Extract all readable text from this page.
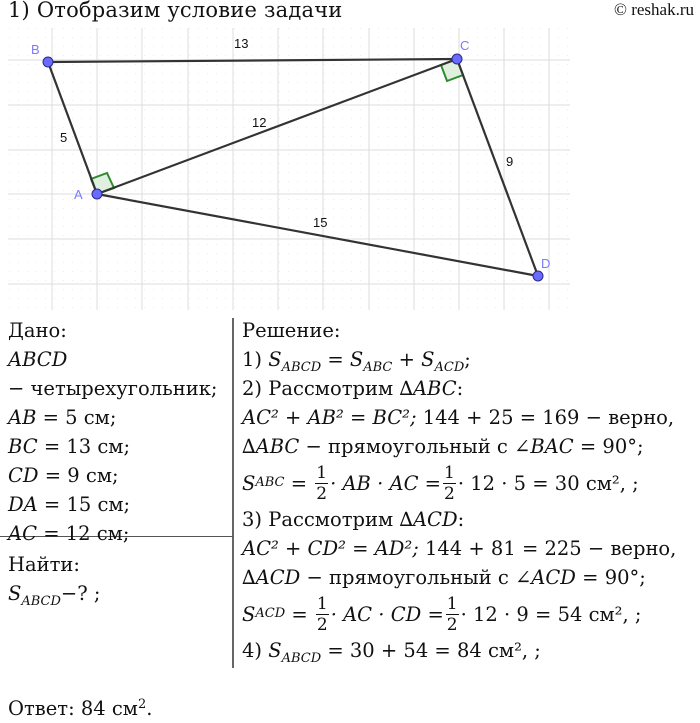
1) Отобразим условие задачи	© reshak.ru
13
5
12
15
9
B	C
A
D
Дано:
ABCD
− четырехугольник;
AB = 5 см;
BC = 13 см;
CD = 9 см;
DA = 15 см;
AC = 12 см;
Найти:
$S_{ABCD}-$? ;
Решение:
1) $S_{ABCD} = S_{ABC} + S_{ACD}$;
2) Рассмотрим ∆ABC:
AC² + AB² = BC²; 144 + 25 = 169 − верно,
∆ABC − прямоугольный с ∠BAC = 90°;
S ABC = $\frac{1}{2}$ · AB · AC = $\frac{1}{2} \cdot 12 \cdot 5 = 30$ см², ;
3) Рассмотрим ∆ACD:
AC² + CD² = AD²; 144 + 81 = 225 − верно,
∆ACD − прямоугольный с ∠ACD = 90°;
S ACD = $\frac{1}{2}$ · AC · CD = $\frac{1}{2} \cdot 12 \cdot 9 = 54$ см², ;
4) $S_{ABCD} = 30 + 54 = 84$ см², ;
Ответ: 84 $см^2$.
